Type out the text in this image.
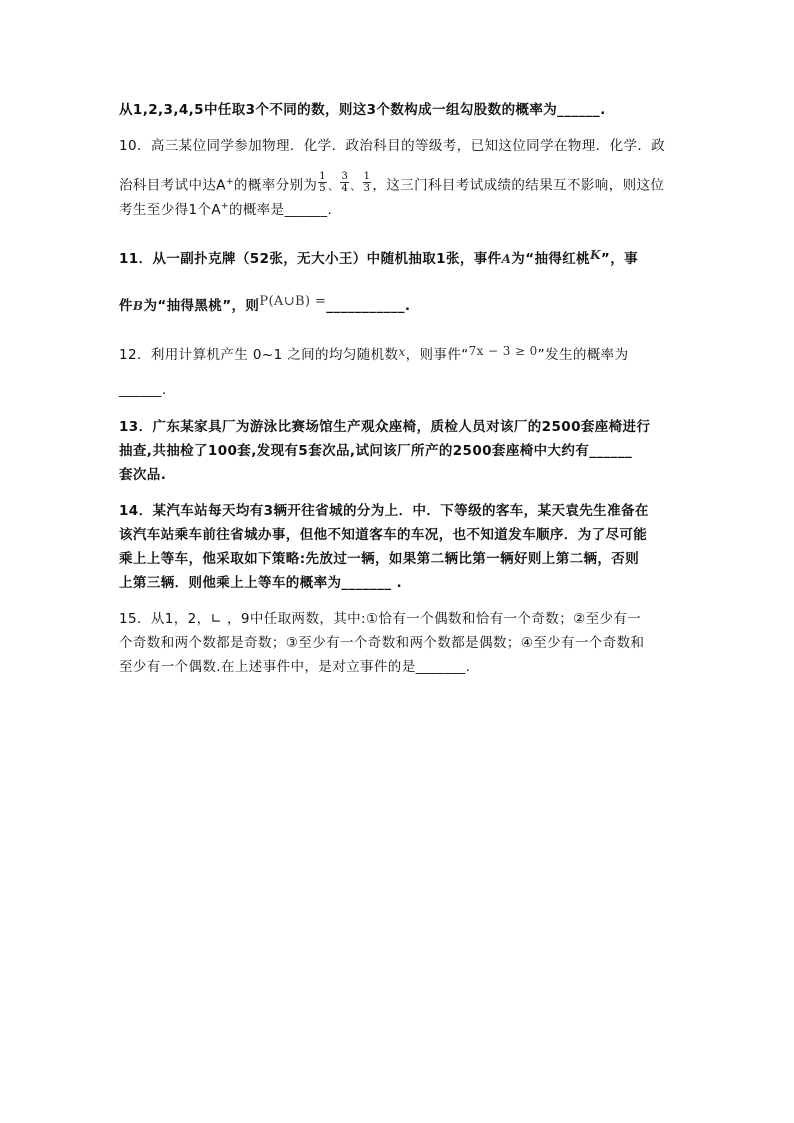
从1,2,3,4,5中任取3个不同的数，则这3个数构成一组勾股数的概率为______.
10．高三某位同学参加物理．化学．政治科目的等级考，已知这位同学在物理．化学．政
治科目考试中达A+的概率分别为 $\frac{1}{5}$ 、 $\frac{3}{4}$ 、 $\frac{1}{3}$ ，这三门科目考试成绩的结果互不影响，则这位
考生至少得1个A+的概率是______.
11．从一副扑克牌（52张，无大小王）中随机抽取1张，事件A为“抽得红桃K”，事
件B为“抽得黑桃”，则P(A∪B) =___________.
12．利用计算机产生 0~1 之间的均匀随机数x，则事件“7x − 3 ≥ 0”发生的概率为
______.
13．广东某家具厂为游泳比赛场馆生产观众座椅，质检人员对该厂的2500套座椅进行
抽查,共抽检了100套,发现有5套次品,试问该厂所产的2500套座椅中大约有______
套次品.
14．某汽车站每天均有3辆开往省城的分为上．中．下等级的客车，某天袁先生准备在
该汽车站乘车前往省城办事，但他不知道客车的车况，也不知道发车顺序．为了尽可能
乘上上等车，他采取如下策略:先放过一辆，如果第二辆比第一辆好则上第二辆，否则
上第三辆．则他乘上上等车的概率为_______ .
15．从1，2，∟ ，9中任取两数，其中:①恰有一个偶数和恰有一个奇数；②至少有一
个奇数和两个数都是奇数；③至少有一个奇数和两个数都是偶数；④至少有一个奇数和
至少有一个偶数.在上述事件中，是对立事件的是_______.
